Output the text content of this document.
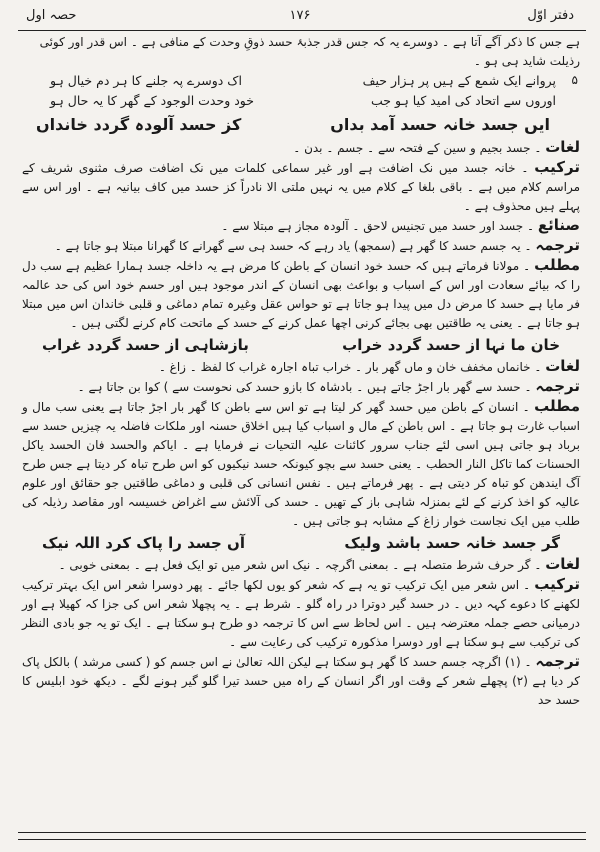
دفتر اوّل
۱۷۶
حصہ اول

ہے جس کا ذکر آگے آتا ہے ۔ دوسرے یہ کہ جس قدر جذبۂ حسد ذوقِ وحدت کے منافی ہے ۔ اس قدر اور کوئی

رذیلت شاید ہی ہو ۔

۵
پروانے ایک شمع کے ہیں پر ہزار حیف
اک دوسرے پہ جلنے کا ہر دم خیال ہو
اوروں سے اتحاد کی امید کیا ہو جب
خود وحدت الوجود کے گھر کا یہ حال ہو
ایں جسد خانہ حسد آمد بداں
کز حسد آلودہ گردد خانداں

لغات ۔ جسد بجیم و سین کے فتحہ سے ۔ جسم ۔ بدن ۔

ترکیب ۔ خانہ جسد میں نک اضافت ہے اور غیر سماعی کلمات میں نک اضافت صرف مثنوی شریف کے مراسم کلام میں ہے ۔ باقی بلغا کے کلام میں یہ نہیں ملتی الا نادراً کز حسد میں کاف بیانیہ ہے ۔ اور اس سے پہلے ہیں محذوف ہے ۔

صنائع ۔ جسد اور حسد میں تجنیس لاحق ۔ آلودہ مجاز ہے مبتلا سے ۔

ترجمہ ۔ یہ جسم حسد کا گھر ہے (سمجھ) یاد رہے کہ حسد ہی سے گھرانے کا گھرانا مبتلا ہو جاتا ہے ۔

مطلب ۔ مولانا فرماتے ہیں کہ حسد خود انسان کے باطن کا مرض ہے یہ داخلہ جسد ہمارا عظیم ہے سب دل را کہ بیائے سعادت اور اس کے اسباب و بواعث بھی انسان کے اندر موجود ہیں اور حسم خود اس کی حد عالمہ فر مایا ہے حسد کا مرض دل میں پیدا ہو جاتا ہے تو حواس عقل وغیرہ تمام دماغی و قلبی خاندان اس میں مبتلا ہو جاتا ہے ۔ یعنی یہ طاقتیں بھی بجائے کرنی اچھا عمل کرنے کے حسد کے ماتحت کام کرنے لگتی ہیں ۔

خان ما نہا از حسد گردد خراب
بازشاہی از حسد گردد غراب

لغات ۔ خانماں مخفف خان و ماں گھر بار ۔ خراب تباہ اجارہ غراب کا لفظ ۔ زاغ ۔

ترجمہ ۔ حسد سے گھر بار اجڑ جاتے ہیں ۔ بادشاہ کا بازو حسد کی نحوست سے ) کوا بن جاتا ہے ۔

مطلب ۔ انسان کے باطن میں حسد گھر کر لیتا ہے تو اس سے باطن کا گھر بار اجڑ جاتا ہے یعنی سب مال و اسباب غارت ہو جاتا ہے ۔ اس باطن کے مال و اسباب کیا ہیں اخلاق حسنہ اور ملکات فاضلہ یہ چیزیں حسد سے برباد ہو جاتی ہیں اسی لئے جناب سرور کائنات علیہ التحیات نے فرمایا ہے ۔ ایاکم والحسد فان الحسد یاکل الحسنات کما تاکل النار الحطب ۔ یعنی حسد سے بچو کیونکہ حسد نیکیوں کو اس طرح تباہ کر دیتا ہے جس طرح آگ ایندھن کو تباہ کر دیتی ہے ۔ پھر فرماتے ہیں ۔ نفس انسانی کی قلبی و دماغی طاقتیں جو حقائق اور علوم عالیہ کو اخذ کرنے کے لئے بمنزلہ شاہی باز کے تھیں ۔ حسد کی آلائش سے اغراض خسیسہ اور مقاصد رذیلہ کی طلب میں ایک نجاست خوار زاغ کے مشابہ ہو جاتی ہیں ۔

گر جسد خانہ حسد باشد ولیک
آں جسد را پاک کرد اللہ نیک

لغات ۔ گر حرف شرط متصلہ ہے ۔ بمعنی اگرچہ ۔ نیک اس شعر میں تو ایک فعل ہے ۔ بمعنی خوبی ۔

ترکیب ۔ اس شعر میں ایک ترکیب تو یہ ہے کہ شعر کو یوں لکھا جائے ۔ پھر دوسرا شعر اس ایک بہتر ترکیب لکھنے کا دعوے کہہ دیں ۔ در حسد گیر دوترا در راہ گلو ۔ شرط ہے ۔ یہ پچھلا شعر اس کی جزا کہ کھیلا ہے اور درمیانی حصے جملہ معترضہ ہیں ۔ اس لحاظ سے اس کا ترجمہ دو طرح ہو سکتا ہے ۔ ایک تو یہ جو بادی النظر کی ترکیب سے ہو سکتا ہے اور دوسرا مذکورہ ترکیب کی رعایت سے ۔

ترجمہ ۔ (۱) اگرچہ جسم حسد کا گھر ہو سکتا ہے لیکن اللہ تعالیٰ نے اس جسم کو ( کسی مرشد ) بالکل پاک کر دیا ہے (۲) پچھلے شعر کے وقت اور اگر انسان کے راہ میں حسد تیرا گلو گیر ہونے لگے ۔ دیکھ خود ابلیس کا حسد حد
